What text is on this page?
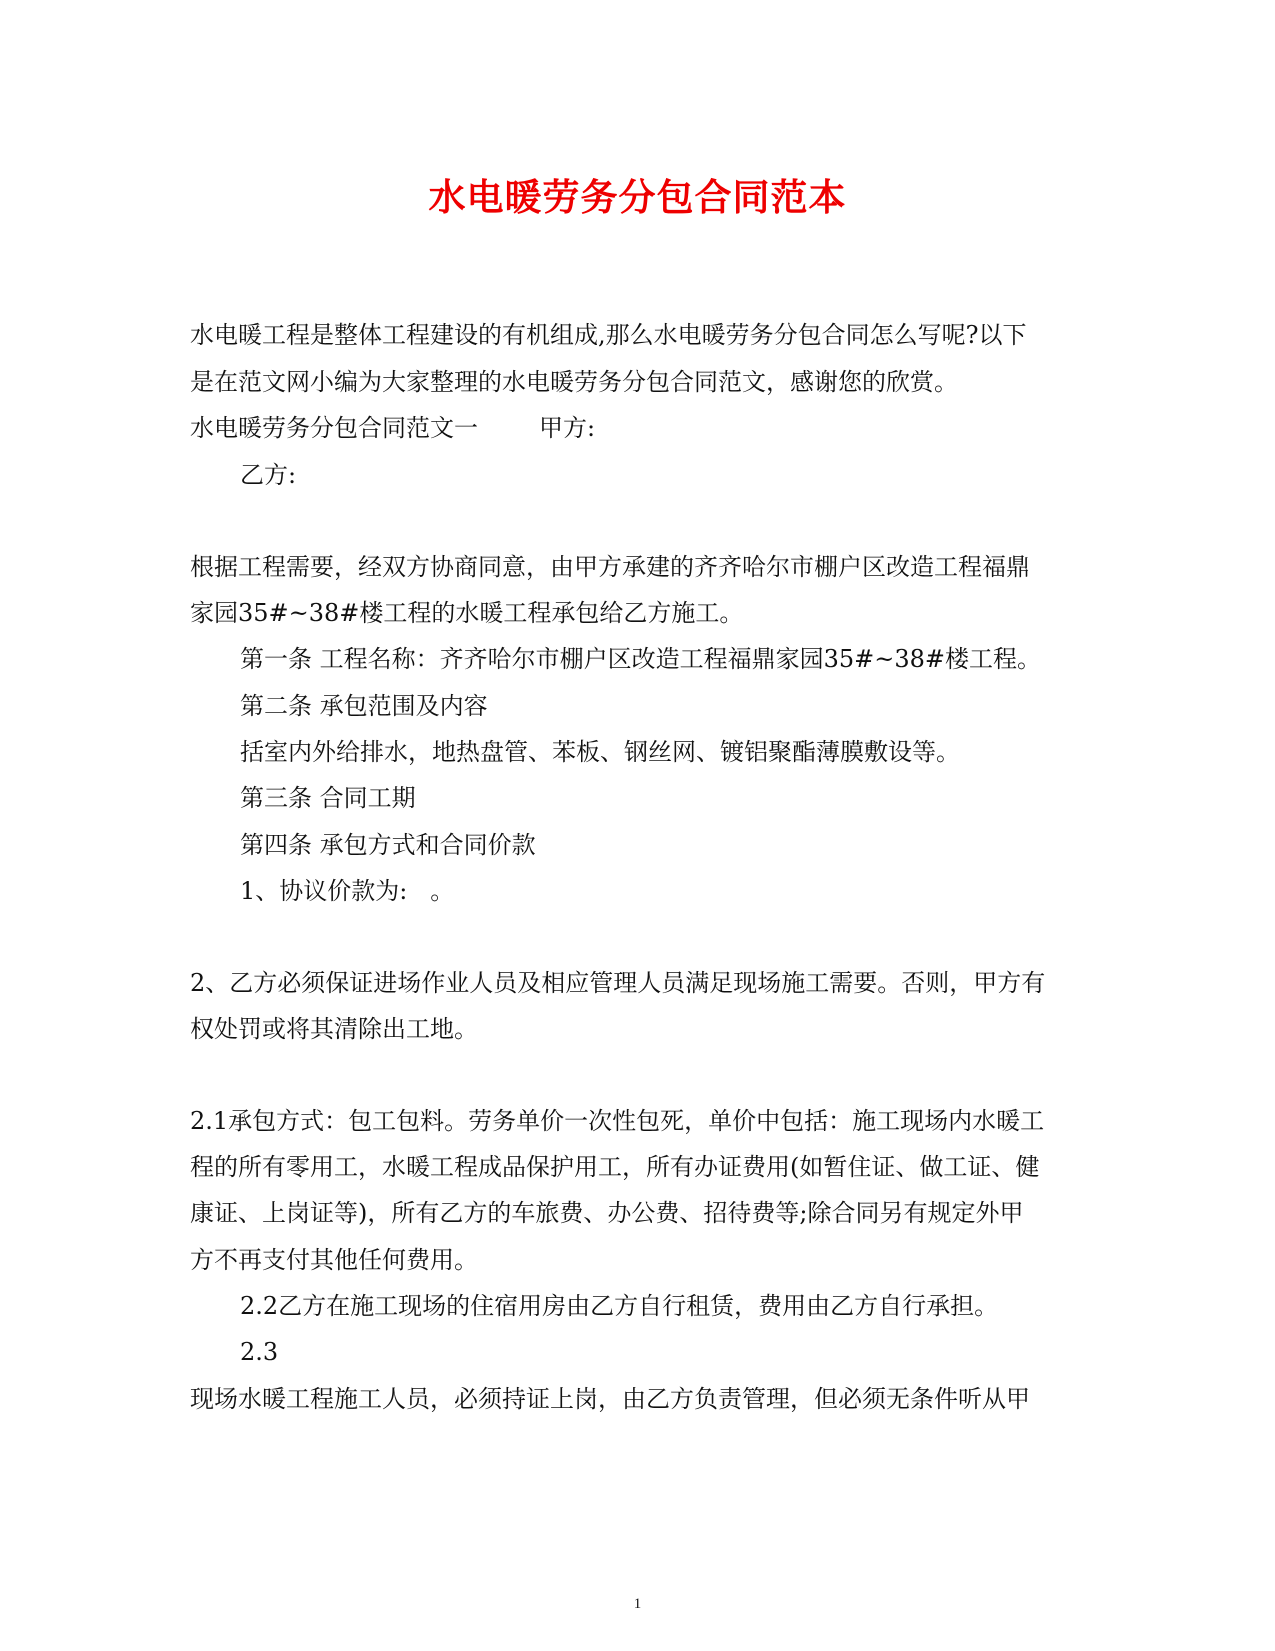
水电暖劳务分包合同范本

水电暖工程是整体工程建设的有机组成,那么水电暖劳务分包合同怎么写呢?以下

是在范文网小编为大家整理的水电暖劳务分包合同范文，感谢您的欣赏。

水电暖劳务分包合同范文一        甲方:

乙方:

根据工程需要，经双方协商同意，由甲方承建的齐齐哈尔市棚户区改造工程福鼎

家园35#~38#楼工程的水暖工程承包给乙方施工。

第一条 工程名称：齐齐哈尔市棚户区改造工程福鼎家园35#~38#楼工程。

第二条 承包范围及内容

括室内外给排水，地热盘管、苯板、钢丝网、镀铝聚酯薄膜敷设等。

第三条 合同工期

第四条 承包方式和合同价款

1、协议价款为:   。

2、乙方必须保证进场作业人员及相应管理人员满足现场施工需要。否则，甲方有

权处罚或将其清除出工地。

2.1承包方式：包工包料。劳务单价一次性包死，单价中包括：施工现场内水暖工

程的所有零用工，水暖工程成品保护用工，所有办证费用(如暂住证、做工证、健

康证、上岗证等)，所有乙方的车旅费、办公费、招待费等;除合同另有规定外甲

方不再支付其他任何费用。

2.2乙方在施工现场的住宿用房由乙方自行租赁，费用由乙方自行承担。

2.3

现场水暖工程施工人员，必须持证上岗，由乙方负责管理，但必须无条件听从甲

1
